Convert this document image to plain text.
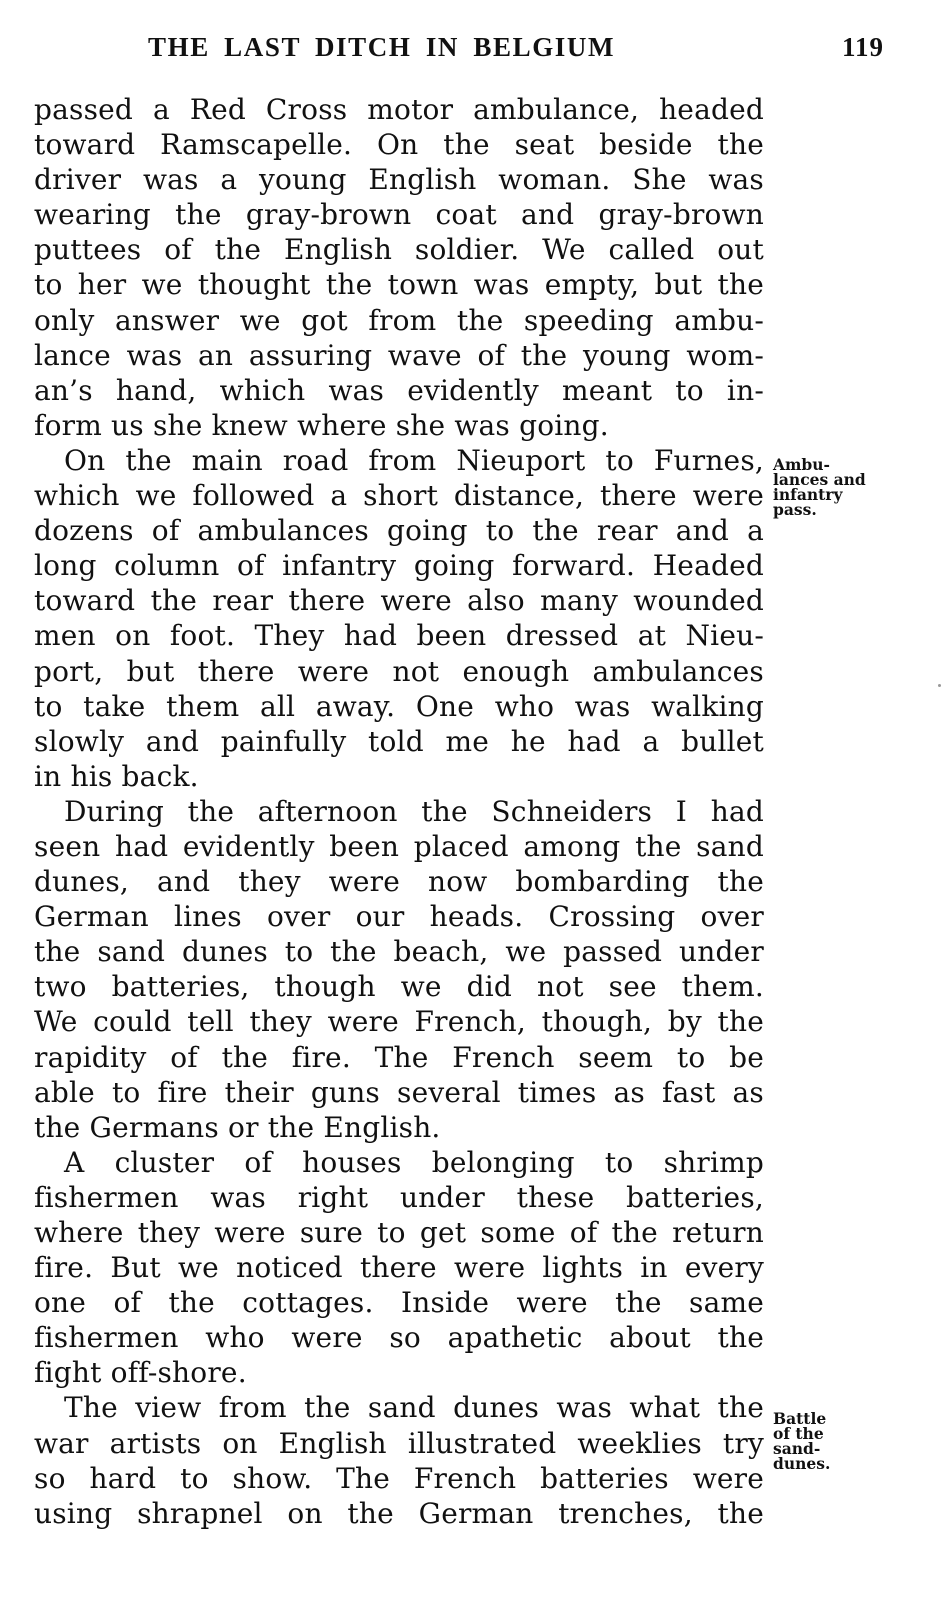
THE LAST DITCH IN BELGIUM	119
passed a Red Cross motor ambulance, headed
toward Ramscapelle. On the seat beside the
driver was a young English woman. She was
wearing the gray-brown coat and gray-brown
puttees of the English soldier. We called out
to her we thought the town was empty, but the
only answer we got from the speeding ambu-
lance was an assuring wave of the young wom-
an’s hand, which was evidently meant to in-
form us she knew where she was going.
On the main road from Nieuport to Furnes,
which we followed a short distance, there were
dozens of ambulances going to the rear and a
long column of infantry going forward. Headed
toward the rear there were also many wounded
men on foot. They had been dressed at Nieu-
port, but there were not enough ambulances
to take them all away. One who was walking
slowly and painfully told me he had a bullet
in his back.
During the afternoon the Schneiders I had
seen had evidently been placed among the sand
dunes, and they were now bombarding the
German lines over our heads. Crossing over
the sand dunes to the beach, we passed under
two batteries, though we did not see them.
We could tell they were French, though, by the
rapidity of the fire. The French seem to be
able to fire their guns several times as fast as
the Germans or the English.
A cluster of houses belonging to shrimp
fishermen was right under these batteries,
where they were sure to get some of the return
fire. But we noticed there were lights in every
one of the cottages. Inside were the same
fishermen who were so apathetic about the
fight off-shore.
The view from the sand dunes was what the
war artists on English illustrated weeklies try
so hard to show. The French batteries were
using shrapnel on the German trenches, the
Ambu-
lances and
infantry
pass.
Battle
of the
sand-
dunes.
